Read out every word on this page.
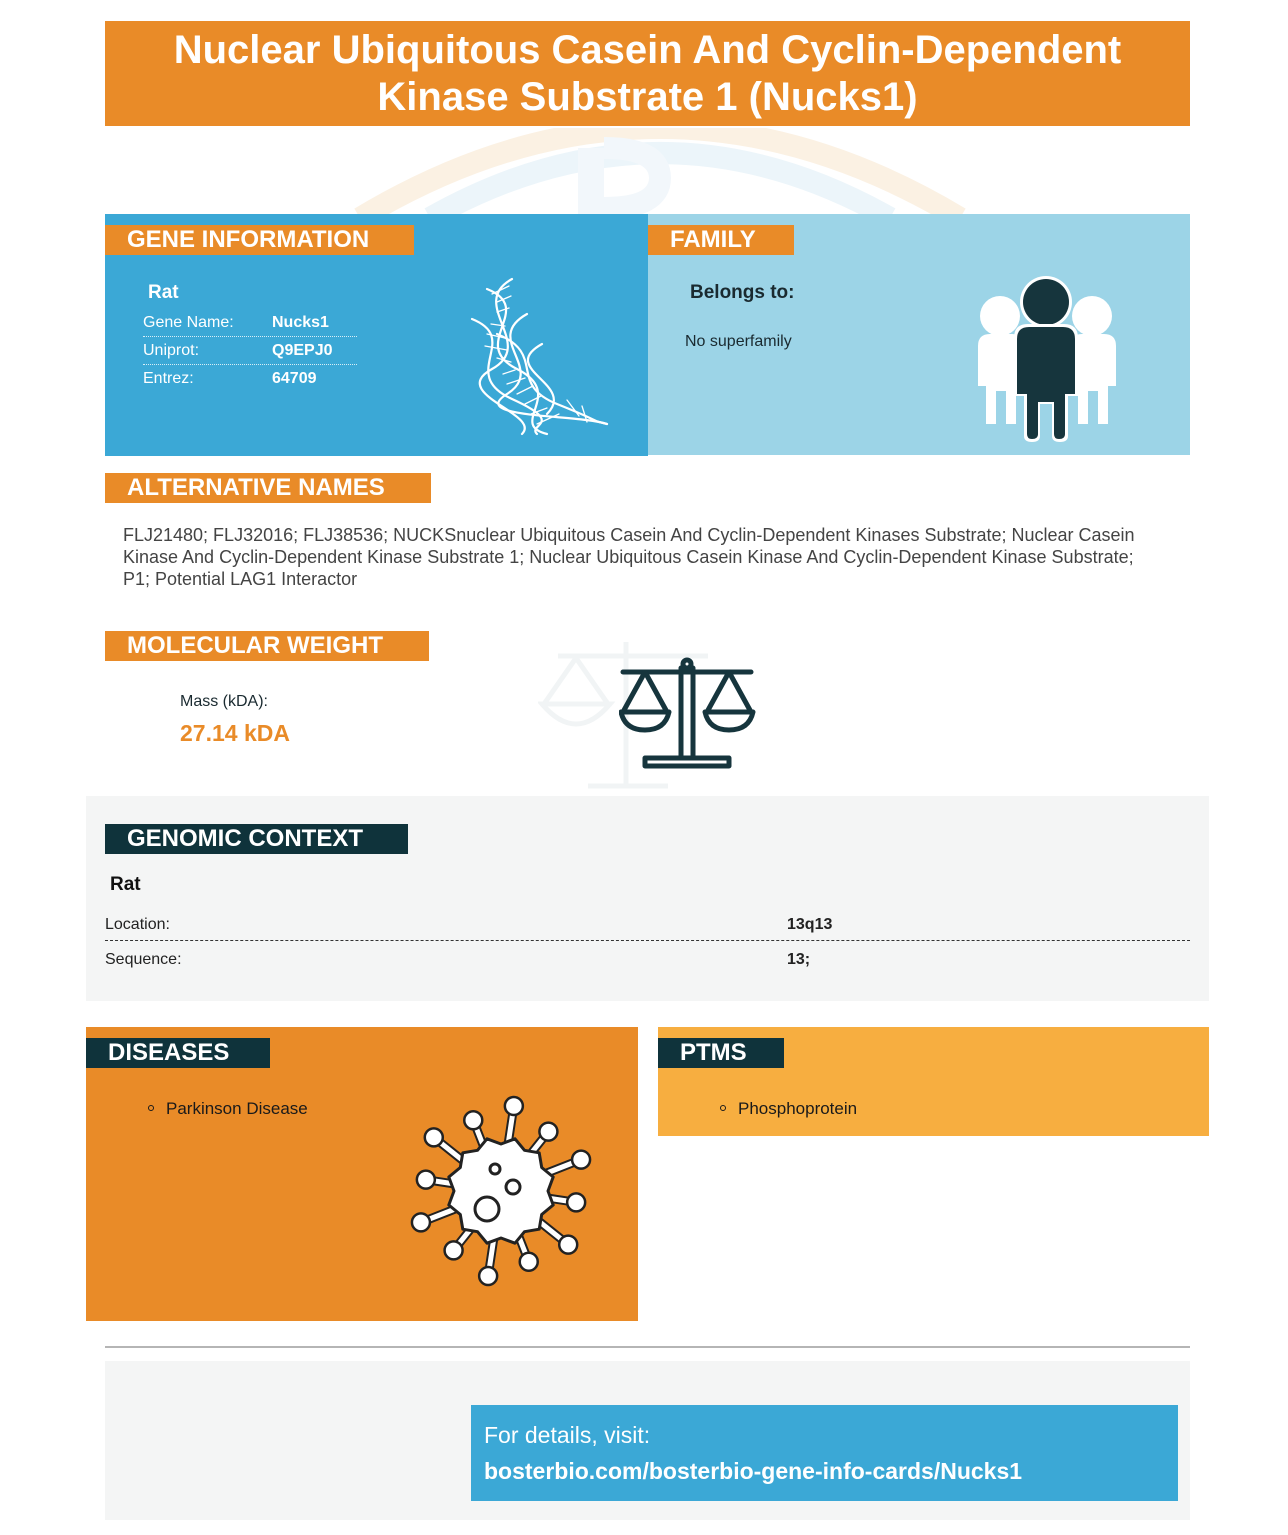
Nuclear Ubiquitous Casein And Cyclin-Dependent Kinase Substrate 1 (Nucks1)
GENE INFORMATION
Rat
Gene Name: Nucks1
Uniprot:	Q9EPJ0
Entrez:	64709
FAMILY
Belongs to:
No superfamily
ALTERNATIVE NAMES
FLJ21480; FLJ32016; FLJ38536; NUCKSnuclear Ubiquitous Casein And Cyclin-Dependent Kinases Substrate; Nuclear Casein Kinase And Cyclin-Dependent Kinase Substrate 1; Nuclear Ubiquitous Casein Kinase And Cyclin-Dependent Kinase Substrate; P1; Potential LAG1 Interactor
MOLECULAR WEIGHT
Mass (kDA):
27.14 kDA
GENOMIC CONTEXT
Rat
Location:	13q13
Sequence:	13;
DISEASES
Parkinson Disease
PTMS
Phosphoprotein
For details, visit:
bosterbio.com/bosterbio-gene-info-cards/Nucks1
